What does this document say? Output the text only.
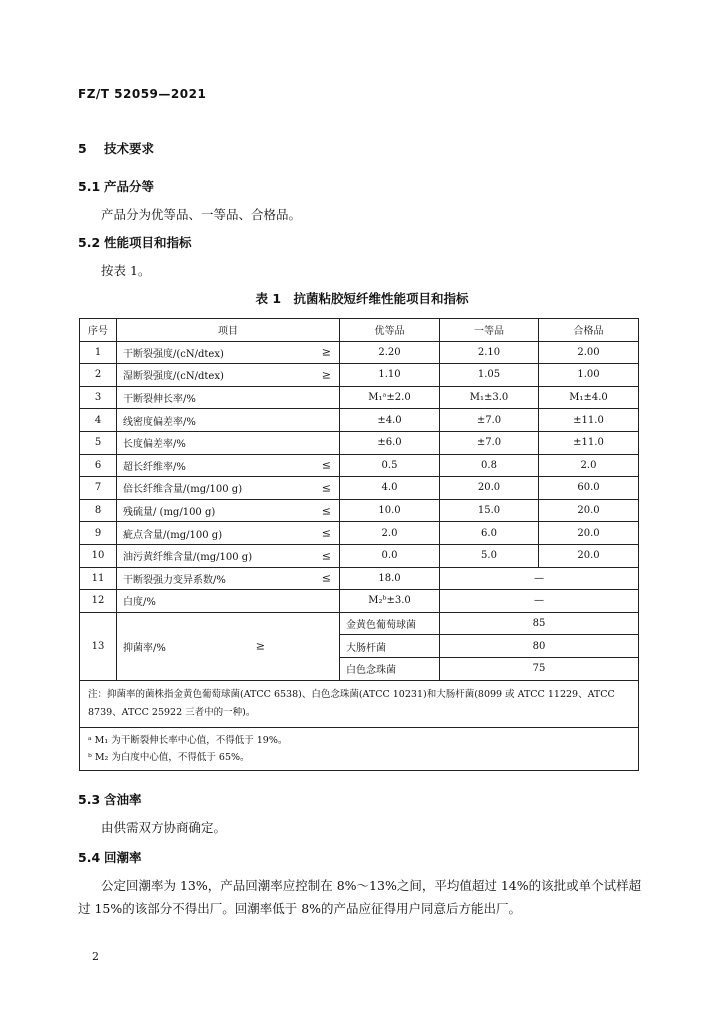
FZ/T 52059—2021
5 技术要求
5.1 产品分等
产品分为优等品、一等品、合格品。
5.2 性能项目和指标
按表 1。
表 1　抗菌粘胶短纤维性能项目和指标
序号	项目	优等品	一等品	合格品
1	干断裂强度/(cN/dtex) ≥	2.20	2.10	2.00
2	湿断裂强度/(cN/dtex) ≥	1.10	1.05	1.00
3	干断裂伸长率/%	M₁ᵃ±2.0	M₁±3.0	M₁±4.0
4	线密度偏差率/%	±4.0	±7.0	±11.0
5	长度偏差率/%	±6.0	±7.0	±11.0
6	超长纤维率/% ≤	0.5	0.8	2.0
7	倍长纤维含量/(mg/100 g) ≤	4.0	20.0	60.0
8	残硫量/ (mg/100 g) ≤	10.0	15.0	20.0
9	疵点含量/(mg/100 g) ≤	2.0	6.0	20.0
10	油污黄纤维含量/(mg/100 g) ≤	0.0	5.0	20.0
11	干断裂强力变异系数/% ≤	18.0	—	
12	白度/%	M₂ᵇ±3.0	—	
13	抑菌率/% ≥	金黄色葡萄球菌	85	
		大肠杆菌	80	
		白色念珠菌	75	
注：抑菌率的菌株指金黄色葡萄球菌(ATCC 6538)、白色念珠菌(ATCC 10231)和大肠杆菌(8099 或 ATCC 11229、ATCC 8739、ATCC 25922 三者中的一种)。				

ᵃ M₁ 为干断裂伸长率中心值，不得低于 19%。
ᵇ M₂ 为白度中心值，不得低于 65%。				
5.3 含油率
由供需双方协商确定。
5.4 回潮率
公定回潮率为 13%，产品回潮率应控制在 8%～13%之间，平均值超过 14%的该批或单个试样超
过 15%的该部分不得出厂。回潮率低于 8%的产品应征得用户同意后方能出厂。
2
